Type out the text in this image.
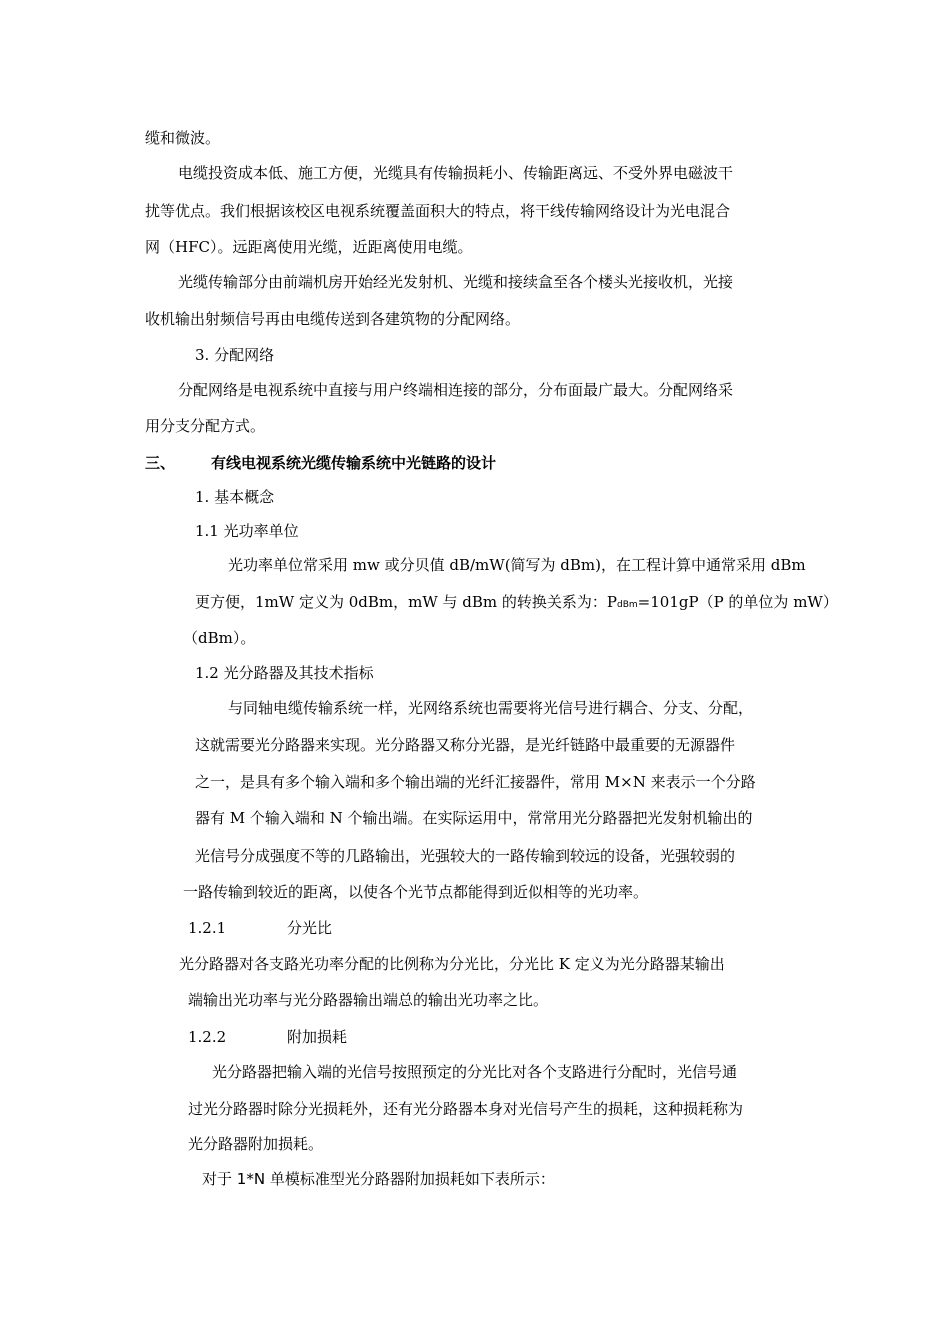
缆和微波。
电缆投资成本低、施工方便，光缆具有传输损耗小、传输距离远、不受外界电磁波干
扰等优点。我们根据该校区电视系统覆盖面积大的特点，将干线传输网络设计为光电混合
网（HFC）。远距离使用光缆，近距离使用电缆。
光缆传输部分由前端机房开始经光发射机、光缆和接续盒至各个楼头光接收机，光接
收机输出射频信号再由电缆传送到各建筑物的分配网络。
3. 分配网络
分配网络是电视系统中直接与用户终端相连接的部分，分布面最广最大。分配网络采
用分支分配方式。
三、 有线电视系统光缆传输系统中光链路的设计
1. 基本概念
1.1 光功率单位
光功率单位常采用 mw 或分贝值 dB/mW(简写为 dBm)，在工程计算中通常采用 dBm
更方便，1mW 定义为 0dBm，mW 与 dBm 的转换关系为：PdBm=101gP（P 的单位为 mW）
（dBm）。
1.2 光分路器及其技术指标
与同轴电缆传输系统一样，光网络系统也需要将光信号进行耦合、分支、分配，
这就需要光分路器来实现。光分路器又称分光器，是光纤链路中最重要的无源器件
之一，是具有多个输入端和多个输出端的光纤汇接器件，常用 M×N 来表示一个分路
器有 M 个输入端和 N 个输出端。在实际运用中，常常用光分路器把光发射机输出的
光信号分成强度不等的几路输出，光强较大的一路传输到较远的设备，光强较弱的
一路传输到较近的距离，以使各个光节点都能得到近似相等的光功率。
1.2.1	分光比
光分路器对各支路光功率分配的比例称为分光比，分光比 K 定义为光分路器某输出
端输出光功率与光分路器输出端总的输出光功率之比。
1.2.2	附加损耗
光分路器把输入端的光信号按照预定的分光比对各个支路进行分配时，光信号通
过光分路器时除分光损耗外，还有光分路器本身对光信号产生的损耗，这种损耗称为
光分路器附加损耗。
对于 1*N 单模标准型光分路器附加损耗如下表所示：
